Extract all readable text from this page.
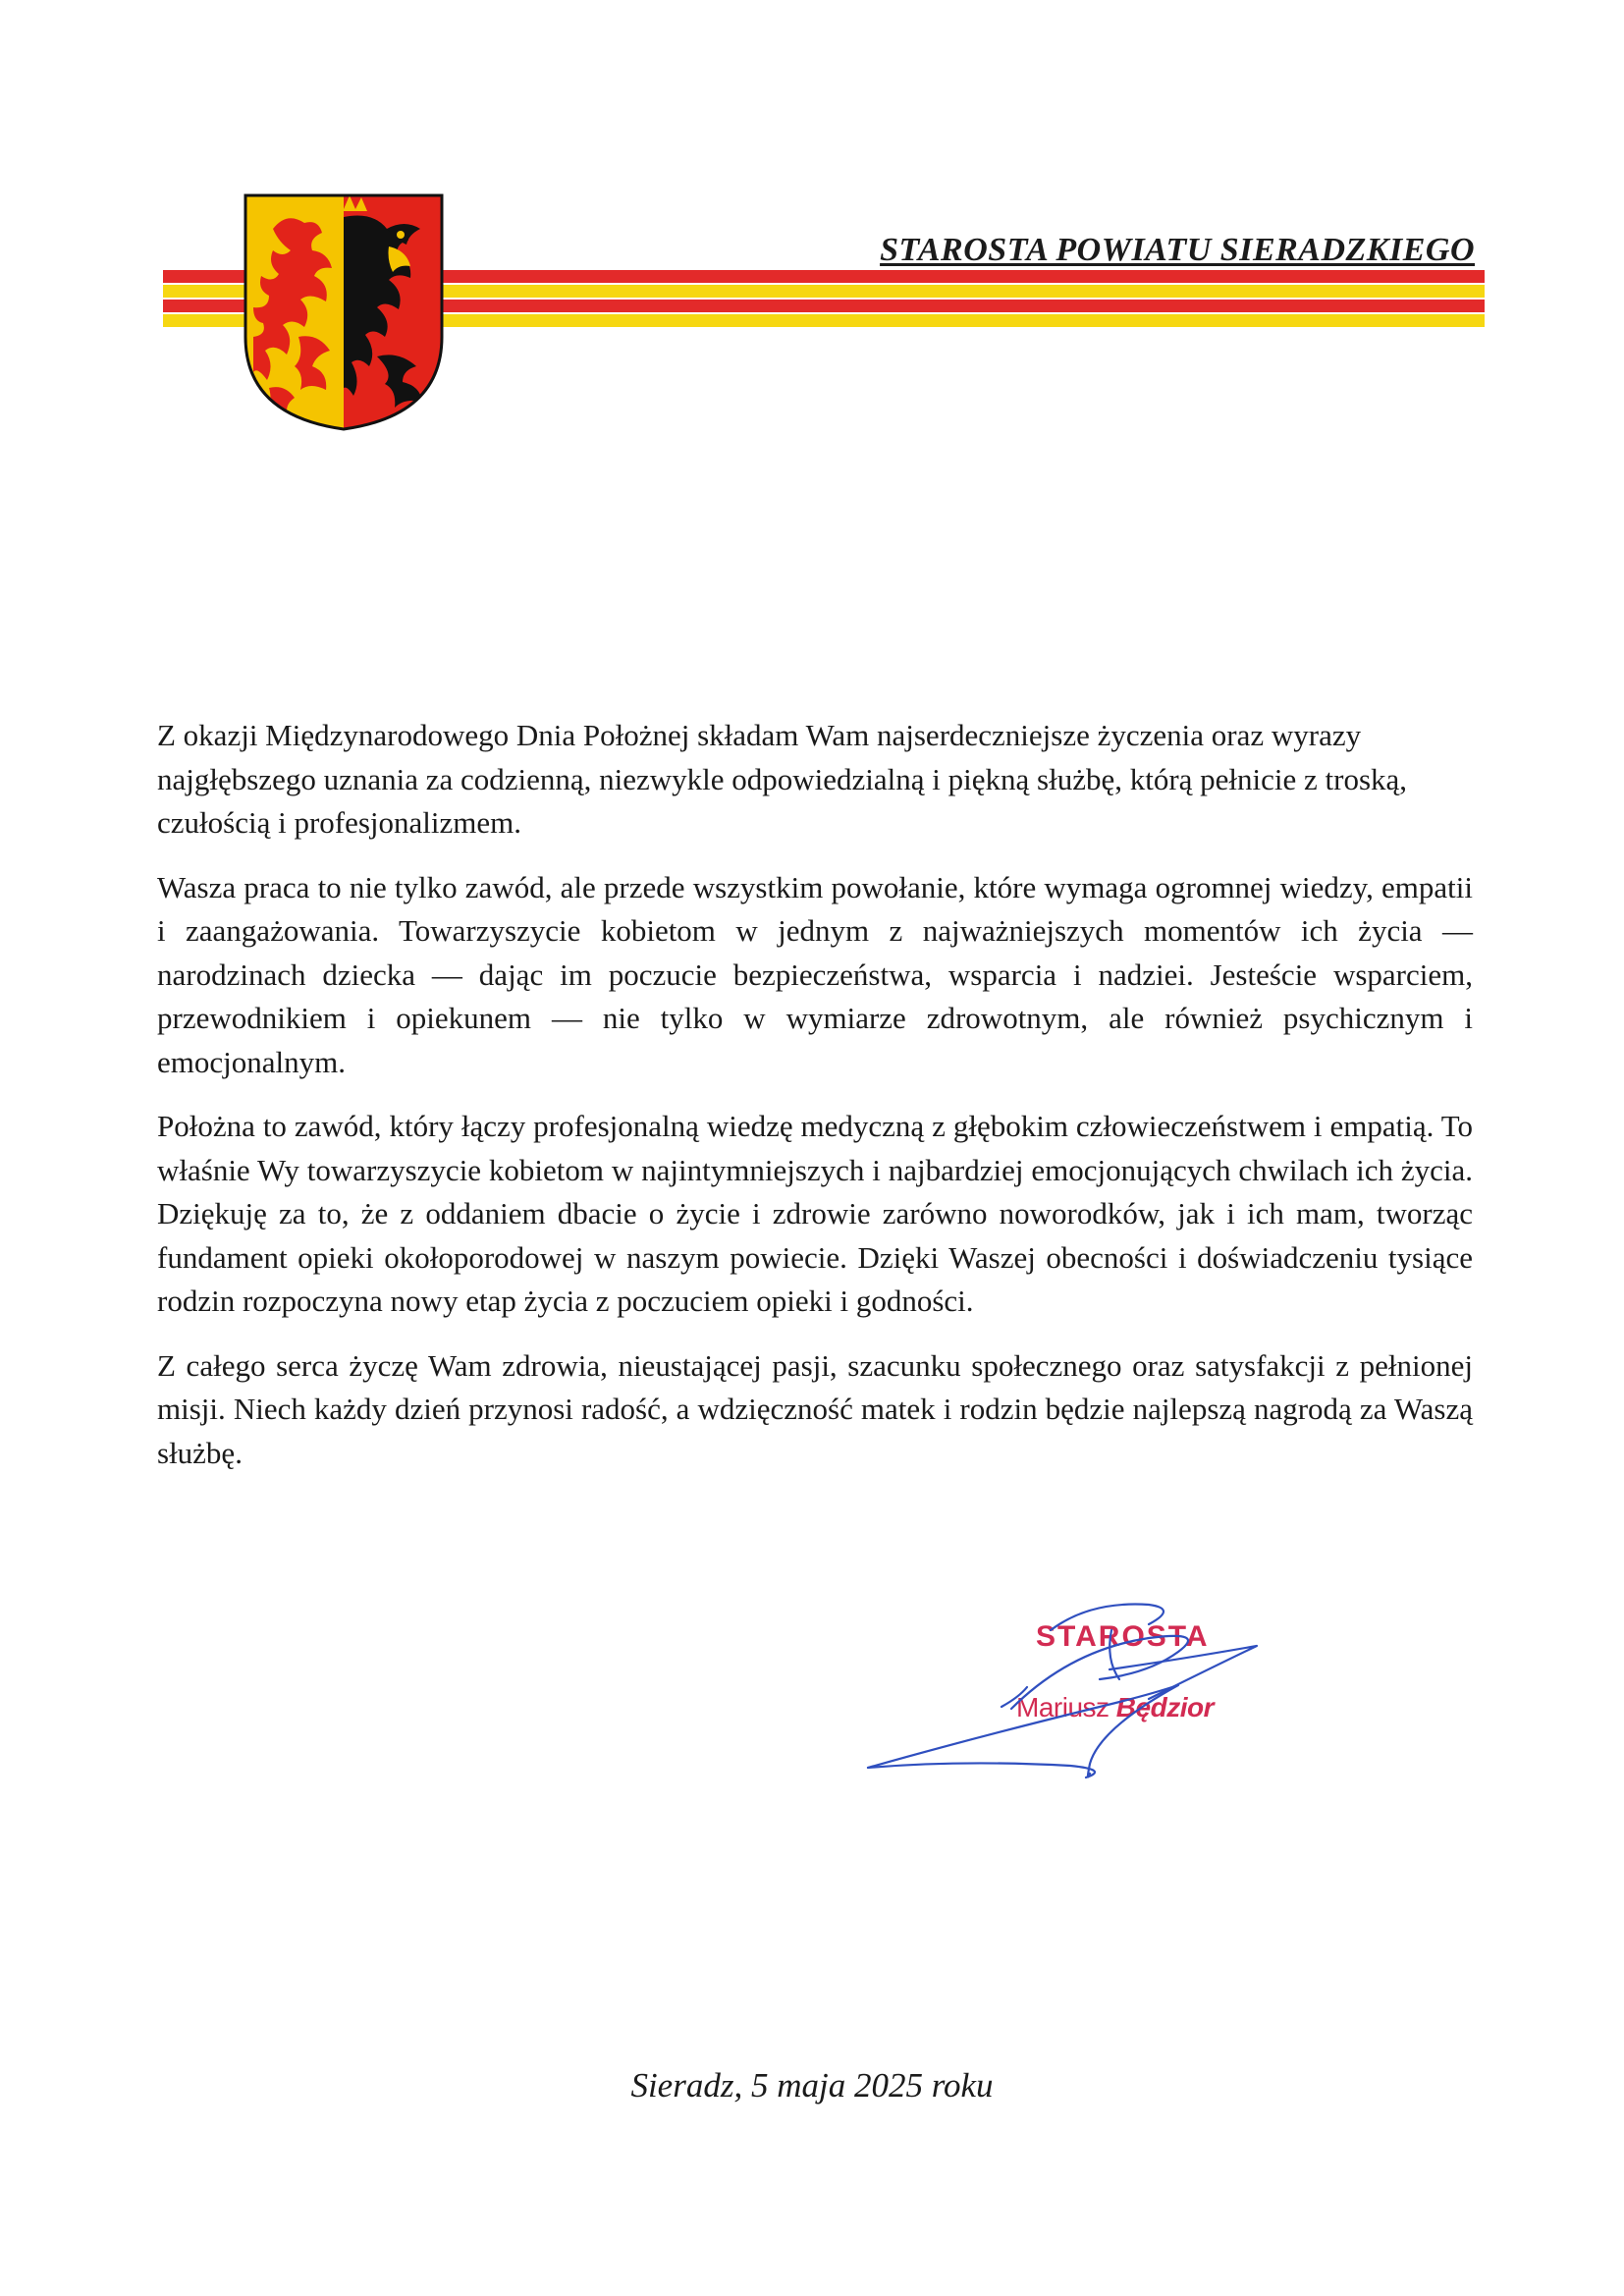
STAROSTA POWIATU SIERADZKIEGO

Z okazji Międzynarodowego Dnia Położnej składam Wam najserdeczniejsze życzenia oraz wyrazy najgłębszego uznania za codzienną, niezwykle odpowiedzialną i piękną służbę, którą pełnicie z troską, czułością i profesjonalizmem.

Wasza praca to nie tylko zawód, ale przede wszystkim powołanie, które wymaga ogromnej wiedzy, empatii i zaangażowania. Towarzyszycie kobietom w jednym z najważniejszych momentów ich życia — narodzinach dziecka — dając im poczucie bezpieczeństwa, wsparcia i nadziei. Jesteście wsparciem, przewodnikiem i opiekunem — nie tylko w wymiarze zdrowotnym, ale również psychicznym i emocjonalnym.

Położna to zawód, który łączy profesjonalną wiedzę medyczną z głębokim człowieczeństwem i empatią. To właśnie Wy towarzyszycie kobietom w najintymniejszych i najbardziej emocjonujących chwilach ich życia. Dziękuję za to, że z oddaniem dbacie o życie i zdrowie zarówno noworodków, jak i ich mam, tworząc fundament opieki okołoporodowej w naszym powiecie. Dzięki Waszej obecności i doświadczeniu tysiące rodzin rozpoczyna nowy etap życia z poczuciem opieki i godności.

Z całego serca życzę Wam zdrowia, nieustającej pasji, szacunku społecznego oraz satysfakcji z pełnionej misji. Niech każdy dzień przynosi radość, a wdzięczność matek i rodzin będzie najlepszą nagrodą za Waszą służbę.

STAROSTA
Mariusz Będzior
Sieradz, 5 maja 2025 roku
